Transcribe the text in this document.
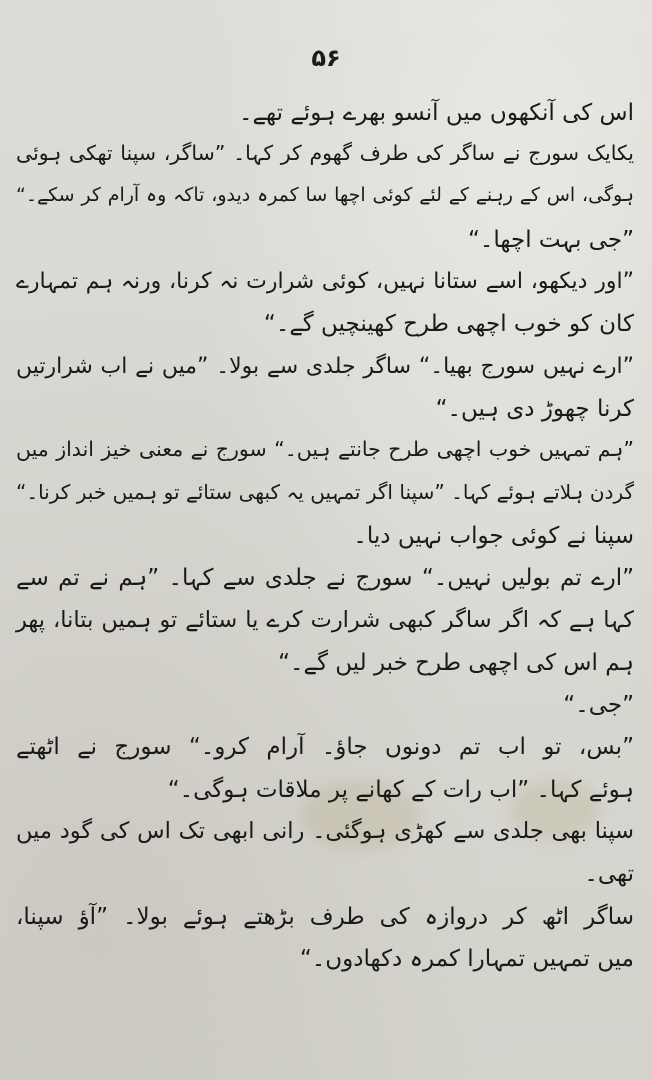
۵۶
اس کی آنکھوں میں آنسو بھرے ہوئے تھے۔
یکایک سورج نے ساگر کی طرف گھوم کر کہا۔ ”ساگر، سپنا تھکی ہوئی
ہوگی، اس کے رہنے کے لئے کوئی اچھا سا کمرہ دیدو، تاکہ وہ آرام کر سکے۔“
”جی بہت اچھا۔“
”اور دیکھو، اسے ستانا نہیں، کوئی شرارت نہ کرنا، ورنہ ہم تمہارے
کان کو خوب اچھی طرح کھینچیں گے۔“
”ارے نہیں سورج بھیا۔“ ساگر جلدی سے بولا۔ ”میں نے اب شرارتیں
کرنا چھوڑ دی ہیں۔“
”ہم تمہیں خوب اچھی طرح جانتے ہیں۔“ سورج نے معنی خیز انداز میں
گردن ہلاتے ہوئے کہا۔ ”سپنا اگر تمہیں یہ کبھی ستائے تو ہمیں خبر کرنا۔“
سپنا نے کوئی جواب نہیں دیا۔
”ارے تم بولیں نہیں۔“ سورج نے جلدی سے کہا۔ ”ہم نے تم سے
کہا ہے کہ اگر ساگر کبھی شرارت کرے یا ستائے تو ہمیں بتانا، پھر
ہم اس کی اچھی طرح خبر لیں گے۔“
”جی۔“
”بس، تو اب تم دونوں جاؤ۔ آرام کرو۔“ سورج نے اٹھتے
ہوئے کہا۔ ”اب رات کے کھانے پر ملاقات ہوگی۔“
سپنا بھی جلدی سے کھڑی ہوگئی۔ رانی ابھی تک اس کی گود میں
تھی۔
ساگر اٹھ کر دروازہ کی طرف بڑھتے ہوئے بولا۔ ”آؤ سپنا،
میں تمہیں تمہارا کمرہ دکھادوں۔“
